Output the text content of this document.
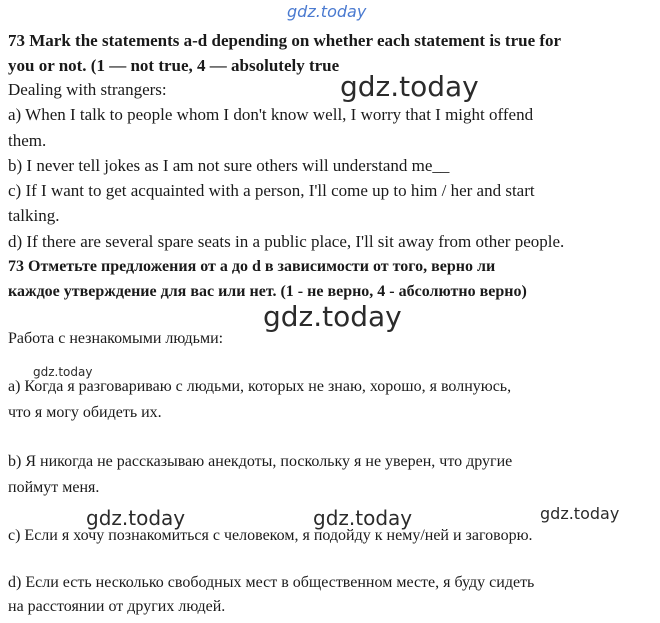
gdz.today
gdz.today
gdz.today
gdz.today
gdz.today	gdz.today	gdz.today
73 Mark the statements a-d depending on whether each statement is true for
you or not. (1 — not true, 4 — absolutely true
Dealing with strangers:
a) When I talk to people whom I don't know well, I worry that I might offend
them.
b) I never tell jokes as I am not sure others will understand me__
c) If I want to get acquainted with a person, I'll come up to him / her and start
talking.
d) If there are several spare seats in a public place, I'll sit away from other people.
73 Отметьте предложения от а до d в зависимости от того, верно ли
каждое утверждение для вас или нет. (1 - не верно, 4 - абсолютно верно)
Работа с незнакомыми людьми:
а) Когда я разговариваю с людьми, которых не знаю, хорошо, я волнуюсь,
что я могу обидеть их.
b) Я никогда не рассказываю анекдоты, поскольку я не уверен, что другие
поймут меня.
с) Если я хочу познакомиться с человеком, я подойду к нему/ней и заговорю.
d) Если есть несколько свободных мест в общественном месте, я буду сидеть
на расстоянии от других людей.
